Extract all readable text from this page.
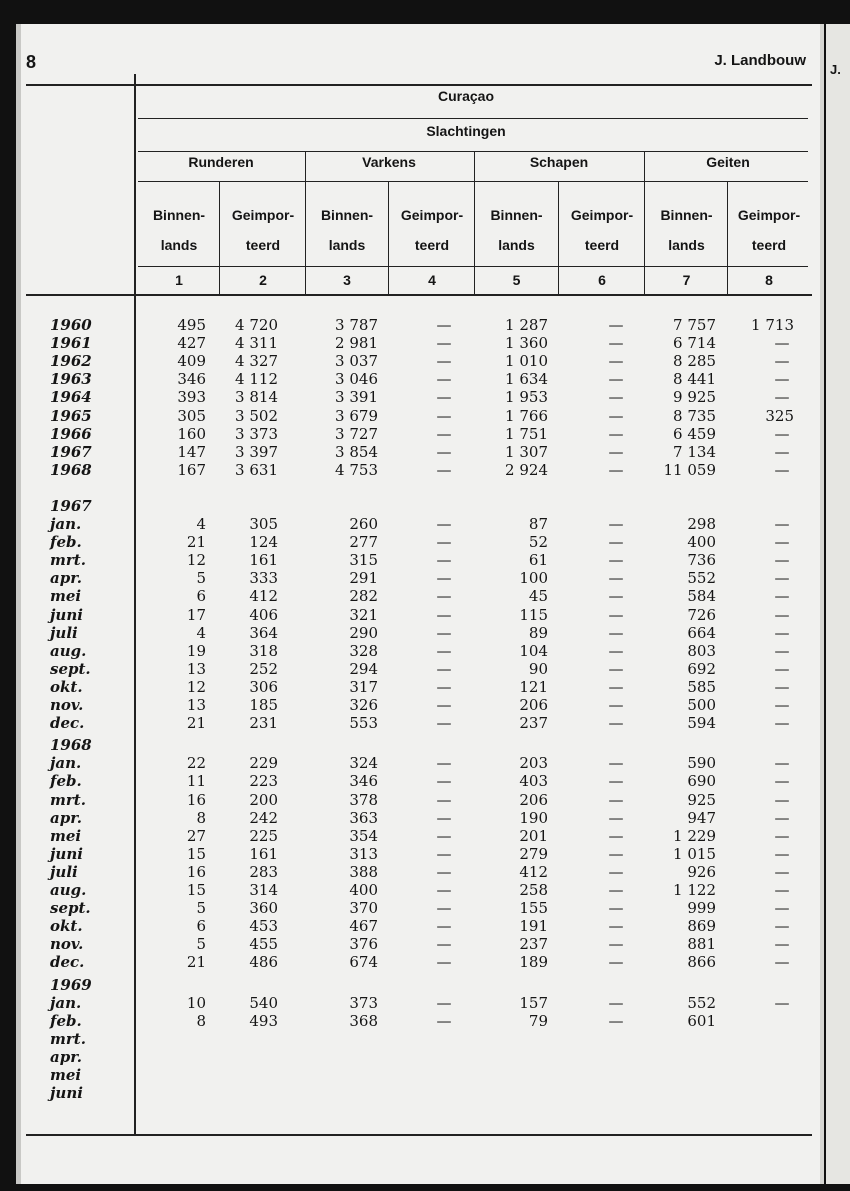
8	J. Landbouw
Curaçao
Slachtingen
Runderen	Varkens	Schapen	Geiten
Binnen-
lands
Geimpor-
teerd
Binnen-
lands
Geimpor-
teerd
Binnen-
lands
Geimpor-
teerd
Binnen-
lands
Geimpor-
teerd
1	2	3	4	5	6	7	8
1960	495	4 720	3 787	—	1 287	—	7 757	1 713
1961	427	4 311	2 981	—	1 360	—	6 714	—
1962	409	4 327	3 037	—	1 010	—	8 285	—
1963	346	4 112	3 046	—	1 634	—	8 441	—
1964	393	3 814	3 391	—	1 953	—	9 925	—
1965	305	3 502	3 679	—	1 766	—	8 735	325
1966	160	3 373	3 727	—	1 751	—	6 459	—
1967	147	3 397	3 854	—	1 307	—	7 134	—
1968	167	3 631	4 753	—	2 924	—	11 059	—
1967
jan.	4	305	260	—	87	—	298	—
feb.	21	124	277	—	52	—	400	—
mrt.	12	161	315	—	61	—	736	—
apr.	5	333	291	—	100	—	552	—
mei	6	412	282	—	45	—	584	—
juni	17	406	321	—	115	—	726	—
juli	4	364	290	—	89	—	664	—
aug.	19	318	328	—	104	—	803	—
sept.	13	252	294	—	90	—	692	—
okt.	12	306	317	—	121	—	585	—
nov.	13	185	326	—	206	—	500	—
dec.	21	231	553	—	237	—	594	—
1968
jan.	22	229	324	—	203	—	590	—
feb.	11	223	346	—	403	—	690	—
mrt.	16	200	378	—	206	—	925	—
apr.	8	242	363	—	190	—	947	—
mei	27	225	354	—	201	—	1 229	—
juni	15	161	313	—	279	—	1 015	—
juli	16	283	388	—	412	—	926	—
aug.	15	314	400	—	258	—	1 122	—
sept.	5	360	370	—	155	—	999	—
okt.	6	453	467	—	191	—	869	—
nov.	5	455	376	—	237	—	881	—
dec.	21	486	674	—	189	—	866	—
1969
jan.	10	540	373	—	157	—	552	—
feb.	8	493	368	—	79	—	601
mrt.
apr.
mei
juni
J.
